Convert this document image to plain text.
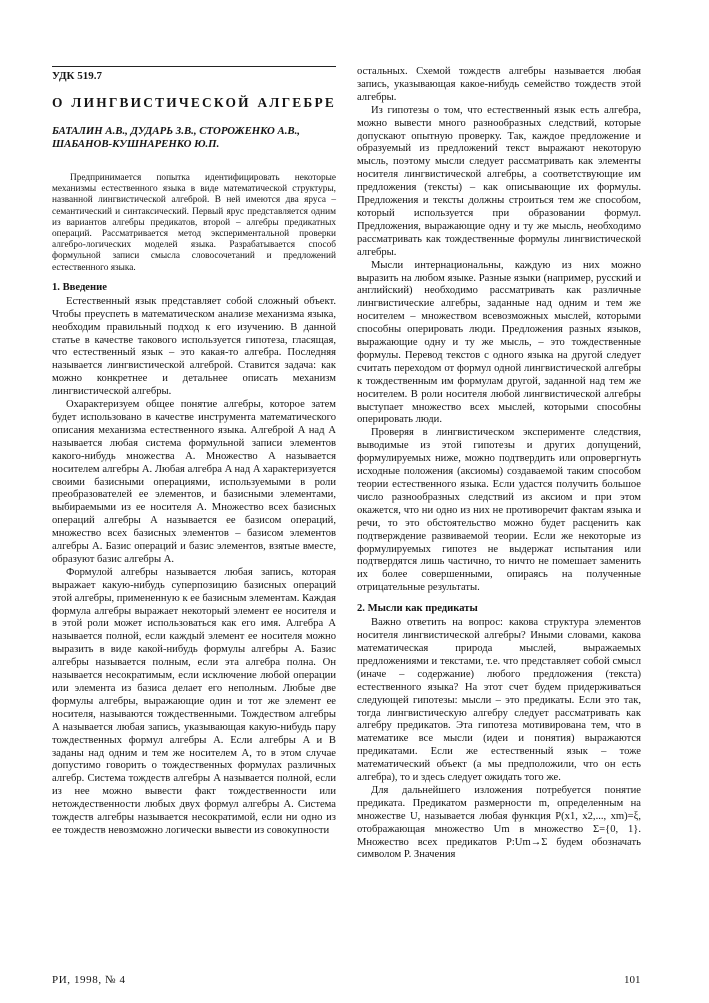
УДК 519.7
О ЛИНГВИСТИЧЕСКОЙ АЛГЕБРЕ
БАТАЛИН А.В., ДУДАРЬ З.В., СТОРОЖЕНКО А.В., ШАБАНОВ-КУШНАРЕНКО Ю.П.
Предпринимается попытка идентифицировать некоторые механизмы естественного языка в виде математической структуры, названной лингвистической алгеброй. В ней имеются два яруса – семантический и синтаксический. Первый ярус представляется одним из вариантов алгебры предикатов, второй – алгебры предикатных операций. Рассматривается метод экспериментальной проверки алгебро-логических моделей языка. Разрабатывается способ формульной записи смысла словосочетаний и предложений естественного языка.
1. Введение

Естественный язык представляет собой сложный объект. Чтобы преуспеть в математическом анализе механизма языка, необходим правильный подход к его изучению. В данной статье в качестве такового используется гипотеза, гласящая, что естественный язык – это какая-то алгебра. Последняя называется лингвистической алгеброй. Ставится задача: как можно конкретнее и детальнее описать механизм лингвистической алгебры.

Охарактеризуем общее понятие алгебры, которое затем будет использовано в качестве инструмента математического описания механизма естественного языка. Алгеброй A над A называется любая система формульной записи элементов какого-нибудь множества A. Множество A называется носителем алгебры A. Любая алгебра A над A характеризуется своими базисными операциями, используемыми в роли преобразователей ее элементов, и базисными элементами, выбираемыми из ее носителя A. Множество всех базисных операций алгебры A называется ее базисом операций, множество всех базисных элементов – базисом элементов алгебры A. Базис операций и базис элементов, взятые вместе, образуют базис алгебры A.

Формулой алгебры называется любая запись, которая выражает какую-нибудь суперпозицию базисных операций этой алгебры, примененную к ее базисным элементам. Каждая формула алгебры выражает некоторый элемент ее носителя и в этой роли может использоваться как его имя. Алгебра A называется полной, если каждый элемент ее носителя можно выразить в виде какой-нибудь формулы алгебры A. Базис алгебры называется полным, если эта алгебра полна. Он называется несократимым, если исключение любой операции или элемента из базиса делает его неполным. Любые две формулы алгебры, выражающие один и тот же элемент ее носителя, называются тождественными. Тождеством алгебры A называется любая запись, указывающая какую-нибудь пару тождественных формул алгебры A. Если алгебры A и B заданы над одним и тем же носителем A, то в этом случае допустимо говорить о тождественных формулах различных алгебр. Система тождеств алгебры A называется полной, если из нее можно вывести факт тождественности или нетождественности любых двух формул алгебры A. Система тождеств алгебры называется несократимой, если ни одно из ее тождеств невозможно логически вывести из совокупности

остальных. Схемой тождеств алгебры называется любая запись, указывающая какое-нибудь семейство тождеств этой алгебры.

Из гипотезы о том, что естественный язык есть алгебра, можно вывести много разнообразных следствий, которые допускают опытную проверку. Так, каждое предложение и образуемый из предложений текст выражают некоторую мысль, поэтому мысли следует рассматривать как элементы носителя лингвистической алгебры, а соответствующие им предложения (тексты) – как описывающие их формулы. Предложения и тексты должны строиться тем же способом, который используется при образовании формул. Предложения, выражающие одну и ту же мысль, необходимо рассматривать как тождественные формулы лингвистической алгебры.

Мысли интернациональны, каждую из них можно выразить на любом языке. Разные языки (например, русский и английский) необходимо рассматривать как различные лингвистические алгебры, заданные над одним и тем же носителем – множеством всевозможных мыслей, которыми способны оперировать люди. Предложения разных языков, выражающие одну и ту же мысль, – это тождественные формулы. Перевод текстов с одного языка на другой следует считать переходом от формул одной лингвистической алгебры к тождественным им формулам другой, заданной над тем же носителем. В роли носителя любой лингвистической алгебры выступает множество всех мыслей, которыми способны оперировать люди.

Проверяя в лингвистическом эксперименте следствия, выводимые из этой гипотезы и других допущений, формулируемых ниже, можно подтвердить или опровергнуть исходные положения (аксиомы) создаваемой таким способом теории естественного языка. Если удастся получить большое число разнообразных следствий из аксиом и при этом окажется, что ни одно из них не противоречит фактам языка и речи, то это обстоятельство можно будет расценить как подтверждение развиваемой теории. Если же некоторые из формулируемых гипотез не выдержат испытания или подтвердятся лишь частично, то ничто не помешает заменить их более совершенными, опираясь на полученные отрицательные результаты.

2. Мысли как предикаты

Важно ответить на вопрос: какова структура элементов носителя лингвистической алгебры? Иными словами, какова математическая природа мыслей, выражаемых предложениями и текстами, т.е. что представляет собой смысл (иначе – содержание) любого предложения (текста) естественного языка? На этот счет будем придерживаться следующей гипотезы: мысли – это предикаты. Если это так, тогда лингвистическую алгебру следует рассматривать как алгебру предикатов. Эта гипотеза мотивирована тем, что в математике все мысли (идеи и понятия) выражаются предикатами. Если же естественный язык – тоже математический объект (а мы предположили, что он есть алгебра), то и здесь следует ожидать того же.

Для дальнейшего изложения потребуется понятие предиката. Предикатом размерности m, определенным на множестве U, называется любая функция P(x1, x2,..., xm)=ξ, отображающая множество Um в множество Σ={0, 1}. Множество всех предикатов P:Um→Σ будем обозначать символом P. Значения

РИ, 1998, № 4	101
